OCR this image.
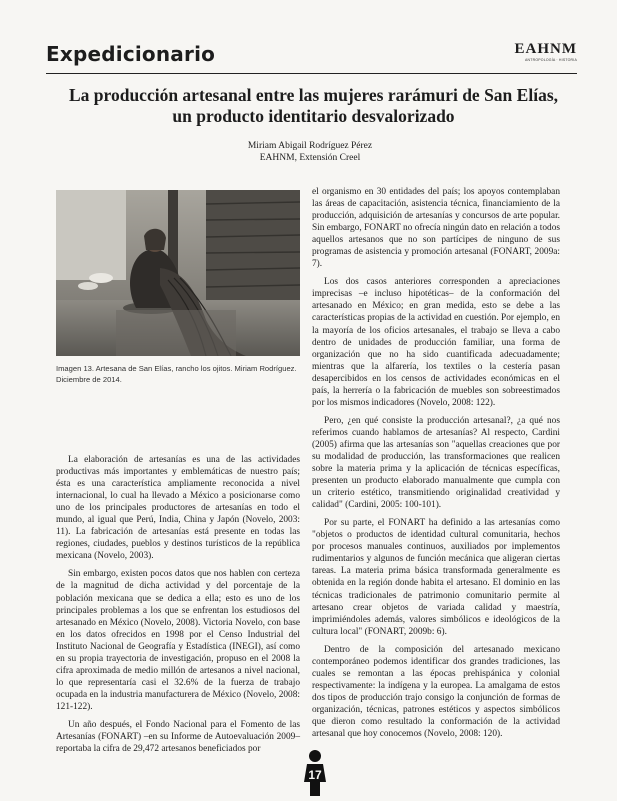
Expedicionario	EAHNM
ANTROPOLOGÍA · HISTORIA
La producción artesanal entre las mujeres rarámuri de San Elías,
un producto identitario desvalorizado
Miriam Abigail Rodríguez Pérez
EAHNM, Extensión Creel
Imagen 13. Artesana de San Elías, rancho los ojitos. Miriam Rodríguez. Diciembre de 2014.

La elaboración de artesanías es una de las actividades productivas más importantes y emblemáticas de nuestro país; ésta es una característica ampliamente reconocida a nivel internacional, lo cual ha llevado a México a posicionarse como uno de los principales productores de artesanías en todo el mundo, al igual que Perú, India, China y Japón (Novelo, 2003: 11). La fabricación de artesanías está presente en todas las regiones, ciudades, pueblos y destinos turísticos de la república mexicana (Novelo, 2003).

Sin embargo, existen pocos datos que nos hablen con certeza de la magnitud de dicha actividad y del porcentaje de la población mexicana que se dedica a ella; esto es uno de los principales problemas a los que se enfrentan los estudiosos del artesanado en México (Novelo, 2008). Victoria Novelo, con base en los datos ofrecidos en 1998 por el Censo Industrial del Instituto Nacional de Geografía y Estadística (INEGI), así como en su propia trayectoria de investigación, propuso en el 2008 la cifra aproximada de medio millón de artesanos a nivel nacional, lo que representaría casi el 32.6% de la fuerza de trabajo ocupada en la industria manufacturera de México (Novelo, 2008: 121-122).

Un año después, el Fondo Nacional para el Fomento de las Artesanías (FONART) –en su Informe de Autoevaluación 2009– reportaba la cifra de 29,472 artesanos beneficiados por

el organismo en 30 entidades del país; los apoyos contemplaban las áreas de capacitación, asistencia técnica, financiamiento de la producción, adquisición de artesanías y concursos de arte popular. Sin embargo, FONART no ofrecía ningún dato en relación a todos aquellos artesanos que no son partícipes de ninguno de sus programas de asistencia y promoción artesanal (FONART, 2009a: 7).

Los dos casos anteriores corresponden a apreciaciones imprecisas –e incluso hipotéticas– de la conformación del artesanado en México; en gran medida, esto se debe a las características propias de la actividad en cuestión. Por ejemplo, en la mayoría de los oficios artesanales, el trabajo se lleva a cabo dentro de unidades de producción familiar, una forma de organización que no ha sido cuantificada adecuadamente; mientras que la alfarería, los textiles o la cestería pasan desapercibidos en los censos de actividades económicas en el país, la herrería o la fabricación de muebles son sobreestimados por los mismos indicadores (Novelo, 2008: 122).

Pero, ¿en qué consiste la producción artesanal?, ¿a qué nos referimos cuando hablamos de artesanías? Al respecto, Cardini (2005) afirma que las artesanías son "aquellas creaciones que por su modalidad de producción, las transformaciones que realicen sobre la materia prima y la aplicación de técnicas específicas, presenten un producto elaborado manualmente que cumpla con un criterio estético, transmitiendo originalidad creatividad y calidad" (Cardini, 2005: 100-101).

Por su parte, el FONART ha definido a las artesanías como "objetos o productos de identidad cultural comunitaria, hechos por procesos manuales continuos, auxiliados por implementos rudimentarios y algunos de función mecánica que aligeran ciertas tareas. La materia prima básica transformada generalmente es obtenida en la región donde habita el artesano. El dominio en las técnicas tradicionales de patrimonio comunitario permite al artesano crear objetos de variada calidad y maestría, imprimiéndoles además, valores simbólicos e ideológicos de la cultura local" (FONART, 2009b: 6).

Dentro de la composición del artesanado mexicano contemporáneo podemos identificar dos grandes tradiciones, las cuales se remontan a las épocas prehispánica y colonial respectivamente: la indígena y la europea. La amalgama de estos dos tipos de producción trajo consigo la conjunción de formas de organización, técnicas, patrones estéticos y aspectos simbólicos que dieron como resultado la conformación de la actividad artesanal que hoy conocemos (Novelo, 2008: 120).

17
